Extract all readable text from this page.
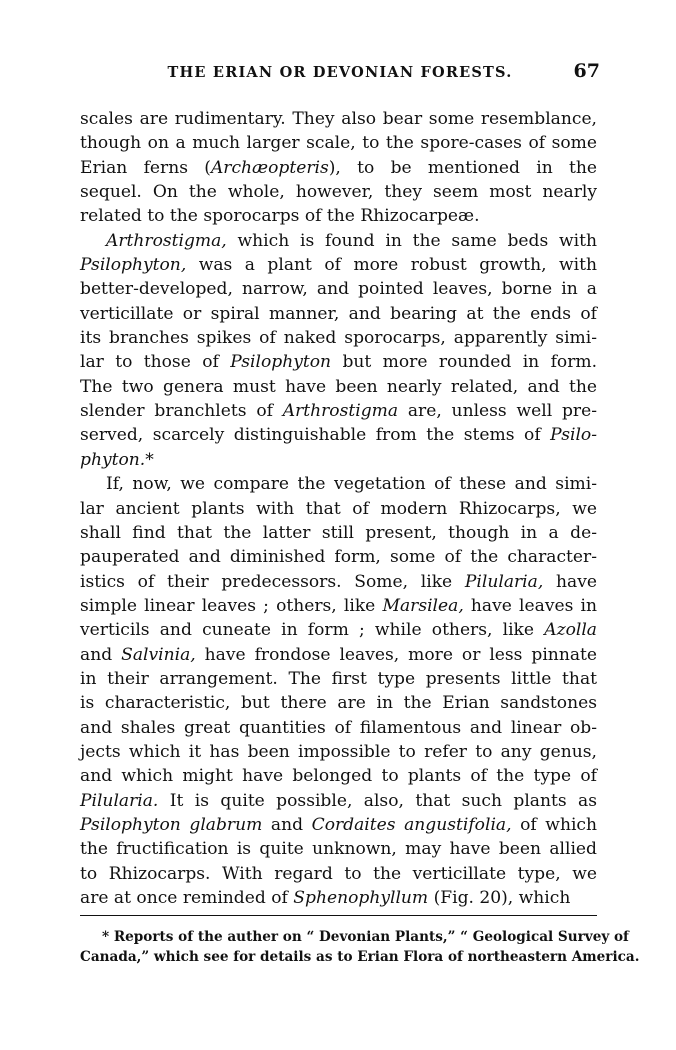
THE ERIAN OR DEVONIAN FORESTS.	67
scales are rudimentary. They also bear some resemblance,
though on a much larger scale, to the spore-cases of some
Erian ferns (Archæopteris), to be mentioned in the
sequel. On the whole, however, they seem most nearly
related to the sporocarps of the Rhizocarpeæ.
Arthrostigma, which is found in the same beds with
Psilophyton, was a plant of more robust growth, with
better-developed, narrow, and pointed leaves, borne in a
verticillate or spiral manner, and bearing at the ends of
its branches spikes of naked sporocarps, apparently simi-
lar to those of Psilophyton but more rounded in form.
The two genera must have been nearly related, and the
slender branchlets of Arthrostigma are, unless well pre-
served, scarcely distinguishable from the stems of Psilo-
phyton.*
If, now, we compare the vegetation of these and simi-
lar ancient plants with that of modern Rhizocarps, we
shall find that the latter still present, though in a de-
pauperated and diminished form, some of the character-
istics of their predecessors. Some, like Pilularia, have
simple linear leaves ; others, like Marsilea, have leaves in
verticils and cuneate in form ; while others, like Azolla
and Salvinia, have frondose leaves, more or less pinnate
in their arrangement. The first type presents little that
is characteristic, but there are in the Erian sandstones
and shales great quantities of filamentous and linear ob-
jects which it has been impossible to refer to any genus,
and which might have belonged to plants of the type of
Pilularia. It is quite possible, also, that such plants as
Psilophyton glabrum and Cordaites angustifolia, of which
the fructification is quite unknown, may have been allied
to Rhizocarps. With regard to the verticillate type, we
are at once reminded of Sphenophyllum (Fig. 20), which
* Reports of the auther on “ Devonian Plants,” “ Geological Survey of
Canada,” which see for details as to Erian Flora of northeastern America.
